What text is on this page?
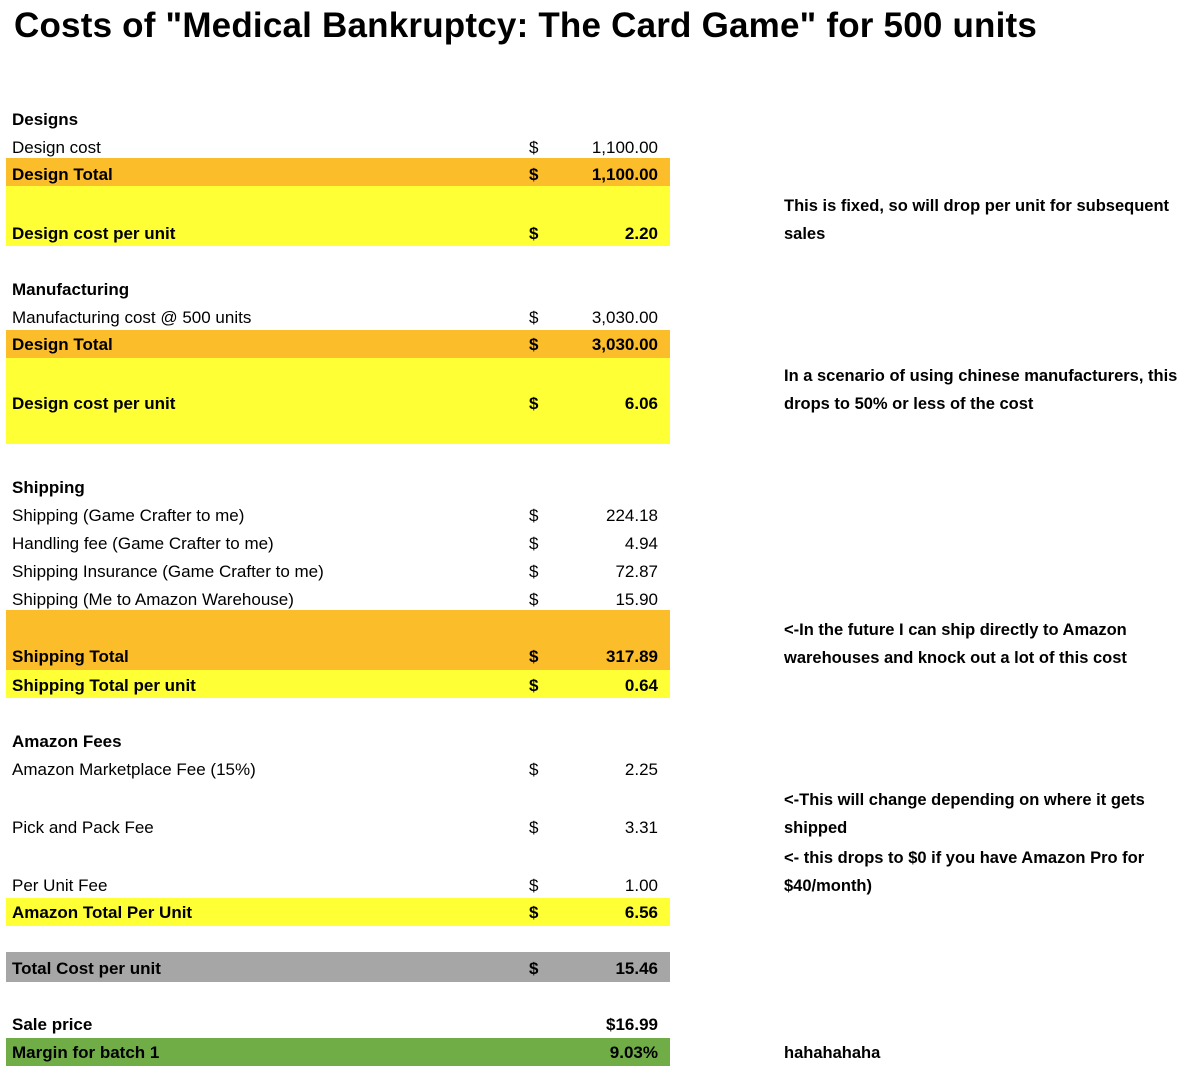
Costs of "Medical Bankruptcy: The Card Game" for 500 units
Designs
Design cost	$	1,100.00
Design Total	$	1,100.00
Design cost per unit	$	2.20
This is fixed, so will drop per unit for subsequent sales
Manufacturing
Manufacturing cost @ 500 units	$	3,030.00
Design Total	$	3,030.00
Design cost per unit	$	6.06
In a scenario of using chinese manufacturers, this drops to 50% or less of the cost
Shipping
Shipping (Game Crafter to me)	$	224.18
Handling fee (Game Crafter to me)	$	4.94
Shipping Insurance (Game Crafter to me)	$	72.87
Shipping (Me to Amazon Warehouse)	$	15.90
Shipping Total	$	317.89
Shipping Total per unit	$	0.64
<-In the future I can ship directly to Amazon warehouses and knock out a lot of this cost
Amazon Fees
Amazon Marketplace Fee (15%)	$	2.25
Pick and Pack Fee	$	3.31
Per Unit Fee	$	1.00
Amazon Total Per Unit	$	6.56
<-This will change depending on where it gets shipped
<- this drops to $0 if you have Amazon Pro for $40/month)
Total Cost per unit	$	15.46
Sale price	$16.99
Margin for batch 1	9.03%	hahahahaha
